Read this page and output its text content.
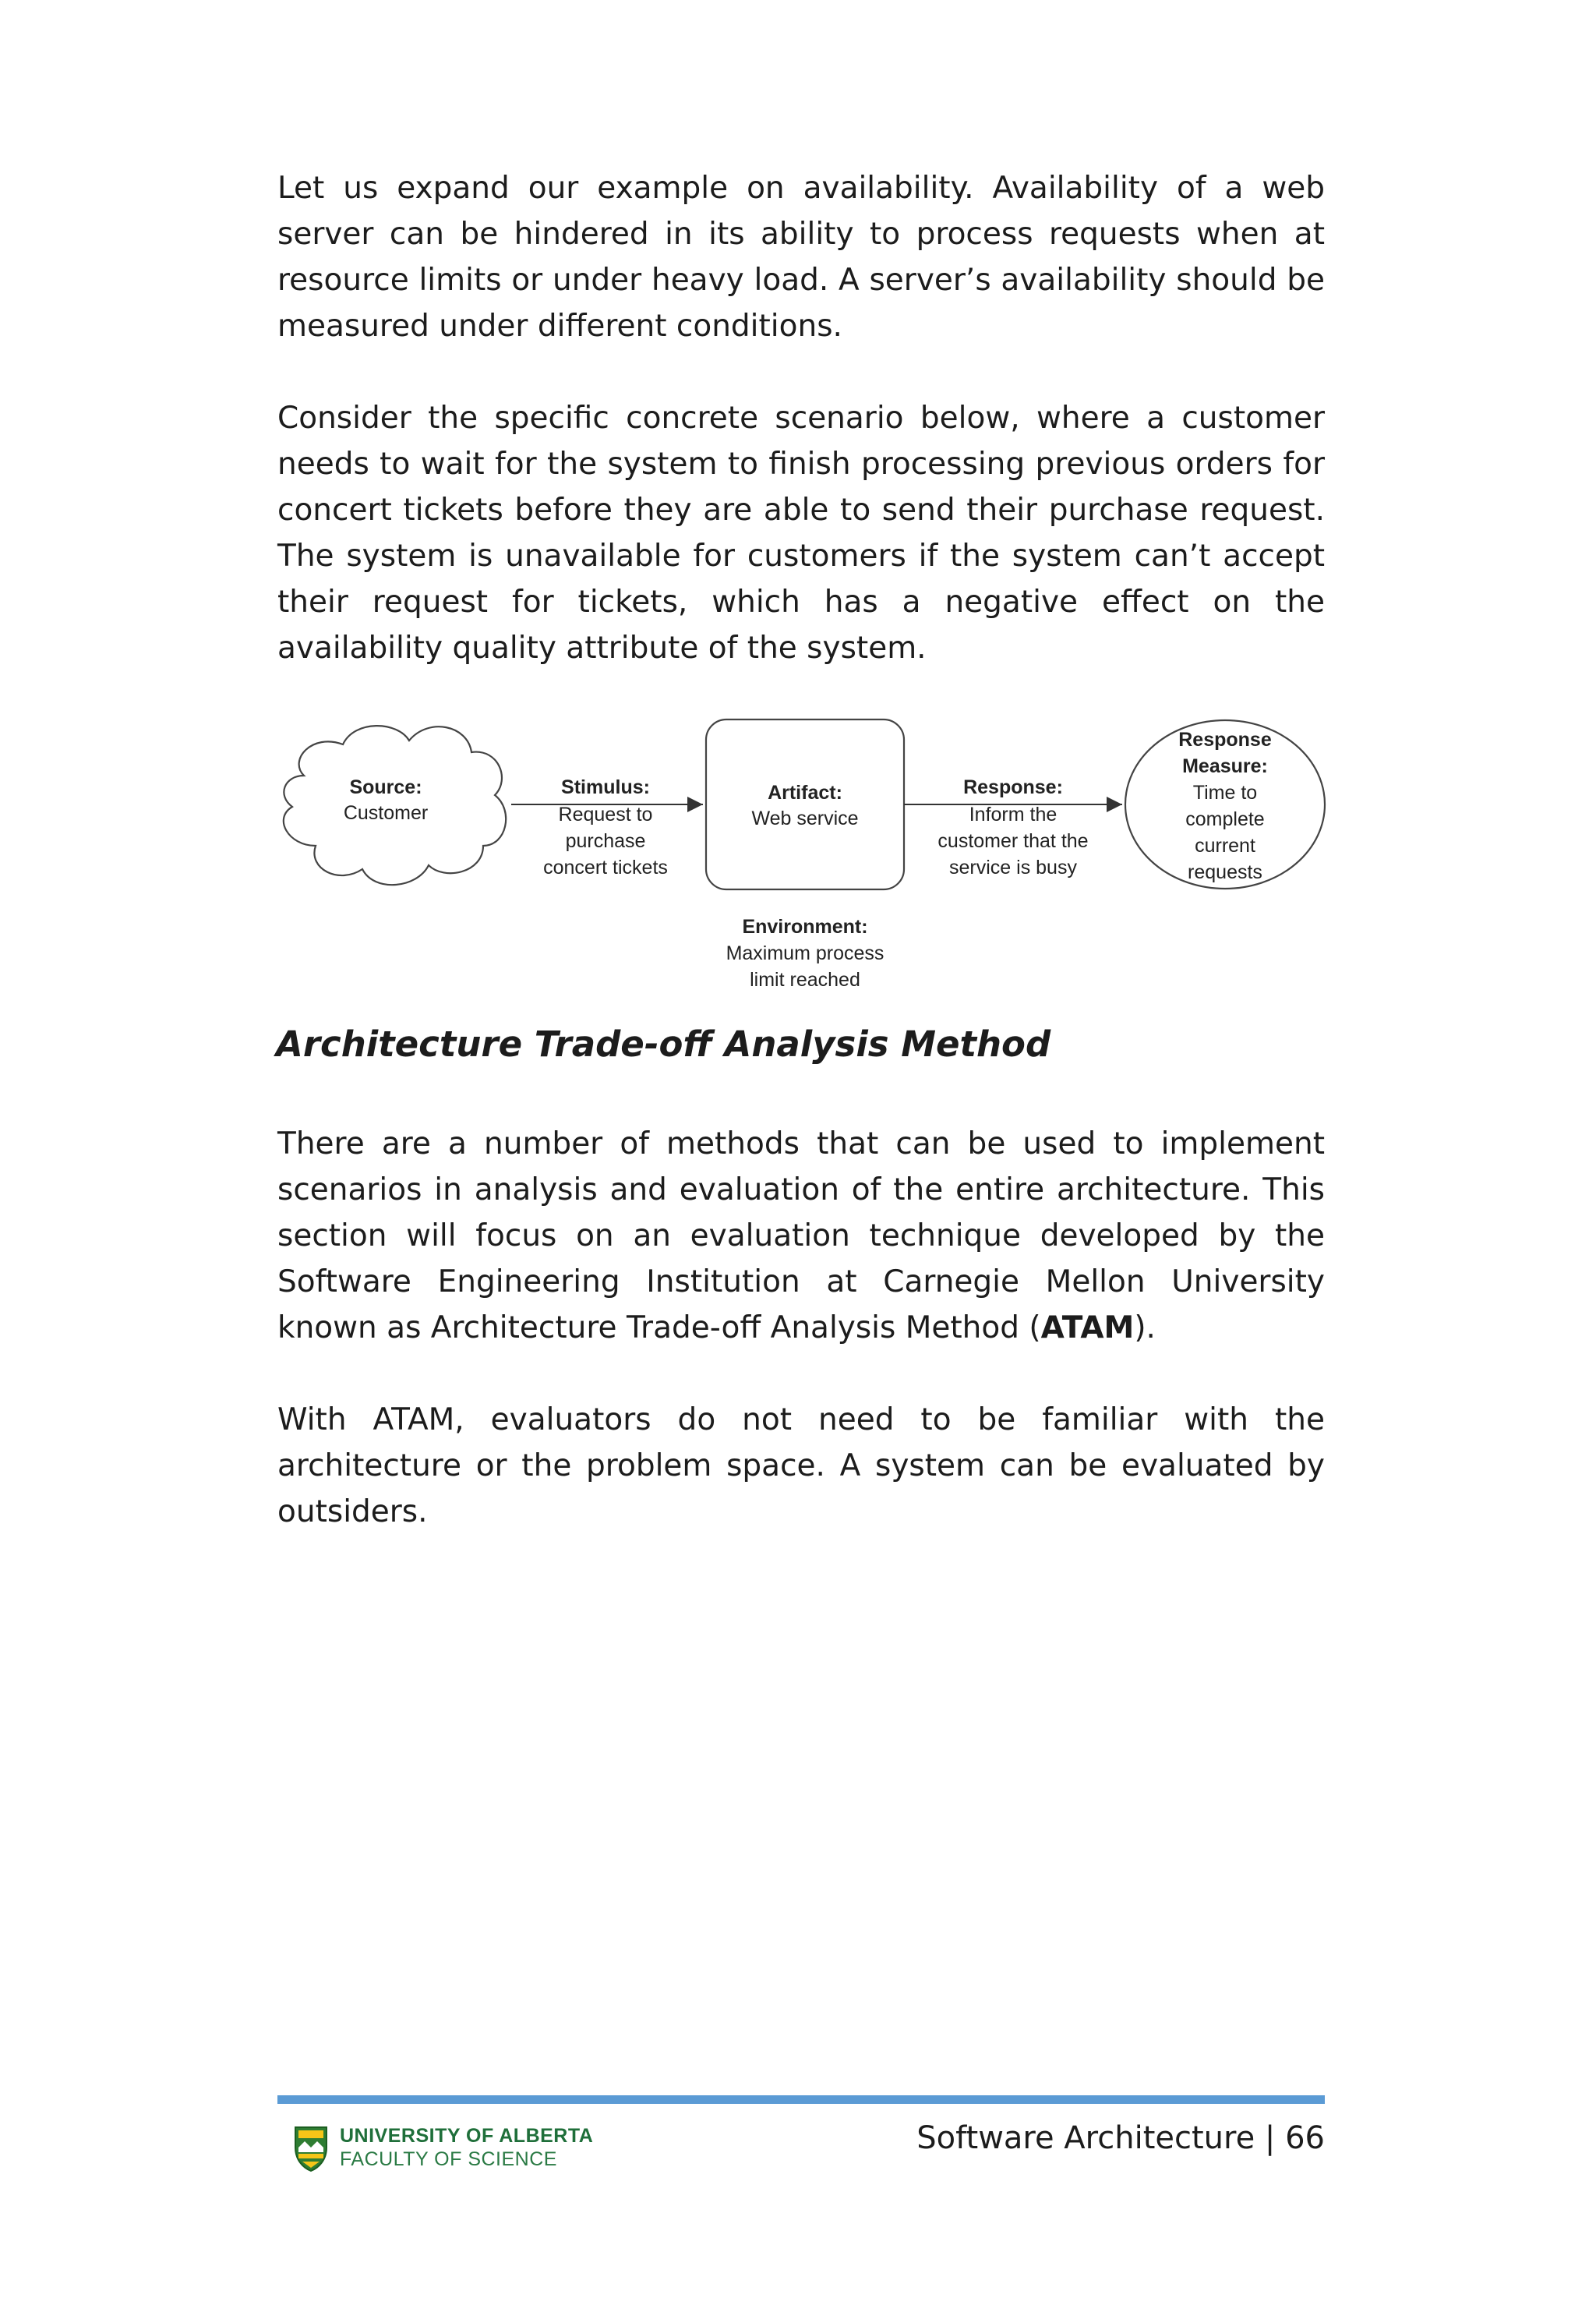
Let us expand our example on availability. Availability of a web server can be hindered in its ability to process requests when at resource limits or under heavy load. A server’s availability should be measured under different conditions.

Consider the specific concrete scenario below, where a customer needs to wait for the system to finish processing previous orders for concert tickets before they are able to send their purchase request. The system is unavailable for customers if the system can’t accept their request for tickets, which has a negative effect on the availability quality attribute of the system.

Source:
Customer
Stimulus:
Request to
purchase
concert tickets
Artifact:
Web service
Response:
Inform the
customer that the
service is busy
Response
Measure:
Time to
complete
current
requests
Environment:
Maximum process
limit reached
Architecture Trade-off Analysis Method

There are a number of methods that can be used to implement scenarios in analysis and evaluation of the entire architecture. This section will focus on an evaluation technique developed by the Software Engineering Institution at Carnegie Mellon University known as Architecture Trade-off Analysis Method (ATAM).

With ATAM, evaluators do not need to be familiar with the architecture or the problem space. A system can be evaluated by outsiders.

UNIVERSITY OF ALBERTA
FACULTY OF SCIENCE
Software Architecture | 66
